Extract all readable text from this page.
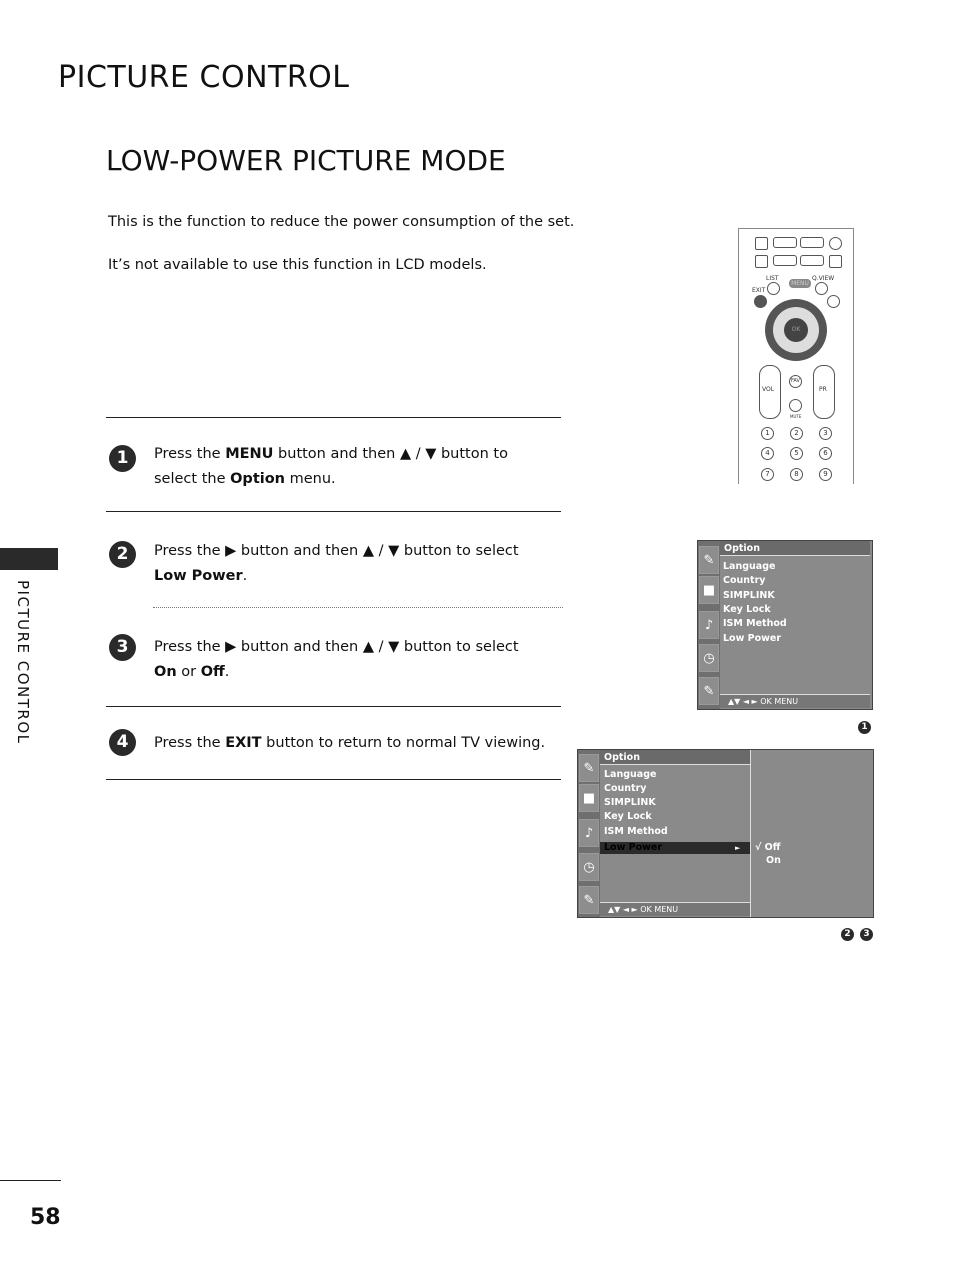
PICTURE CONTROL
LOW-POWER PICTURE MODE
This is the function to reduce the power consumption of the set.
It’s not available to use this function in LCD models.
1	Press the MENU button and then ▲ / ▼ button to
select the Option menu.
2	Press the ▶ button and then ▲ / ▼ button to select
Low Power.
3	Press the ▶ button and then ▲ / ▼ button to select
On or Off.
4	Press the EXIT button to return to normal TV viewing.
PICTURE CONTROL
58
LIST
MENU
Q.VIEW
EXIT
OK
VOL	PR
FAV
MUTE
1	2	3
4	5	6
7	8	9
✎
■
♪
◷
✎
Option
Language
Country
SIMPLINK
Key Lock
ISM Method
Low Power
▲▼ ◄ ► OK MENU
1
✎
■
♪
◷
✎
Option
Language
Country
SIMPLINK
Key Lock
ISM Method
Low Power	► √ Off
On
▲▼ ◄ ► OK MENU
2	3
